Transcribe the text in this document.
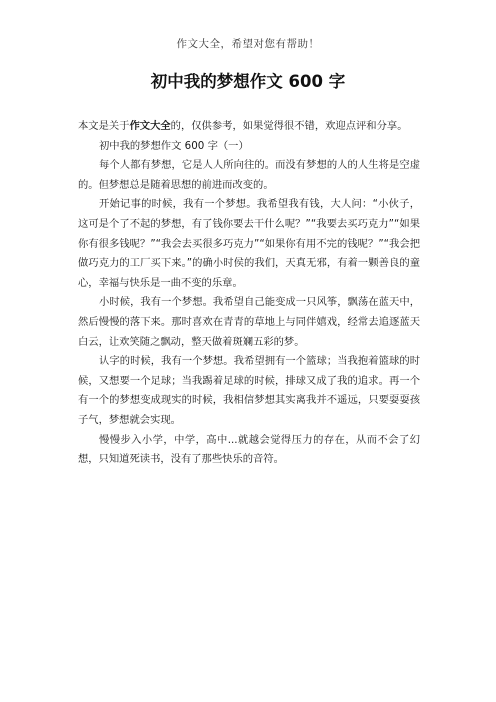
作文大全，希望对您有帮助！
初中我的梦想作文 600 字

本文是关于作文大全的，仅供参考，如果觉得很不错，欢迎点评和分享。

初中我的梦想作文 600 字（一）

每个人都有梦想，它是人人所向往的。而没有梦想的人的人生将是空虚的。但梦想总是随着思想的前进而改变的。

开始记事的时候，我有一个梦想。我希望我有钱，大人问：“小伙子，这可是个了不起的梦想，有了钱你要去干什么呢？”“我要去买巧克力”“如果你有很多钱呢？”“我会去买很多巧克力”“如果你有用不完的钱呢？”“我会把做巧克力的工厂买下来。”的确小时侯的我们，天真无邪，有着一颗善良的童心，幸福与快乐是一曲不变的乐章。

小时候，我有一个梦想。我希望自己能变成一只风筝，飘荡在蓝天中，然后慢慢的落下来。那时喜欢在青青的草地上与同伴嬉戏，经常去追逐蓝天白云，让欢笑随之飘动，整天做着斑斓五彩的梦。

认字的时候，我有一个梦想。我希望拥有一个篮球；当我抱着篮球的时候，又想要一个足球；当我踢着足球的时候，排球又成了我的追求。再一个有一个的梦想变成现实的时候，我相信梦想其实离我并不遥远，只要耍耍孩子气，梦想就会实现。

慢慢步入小学，中学，高中...就越会觉得压力的存在，从而不会了幻想，只知道死读书，没有了那些快乐的音符。
